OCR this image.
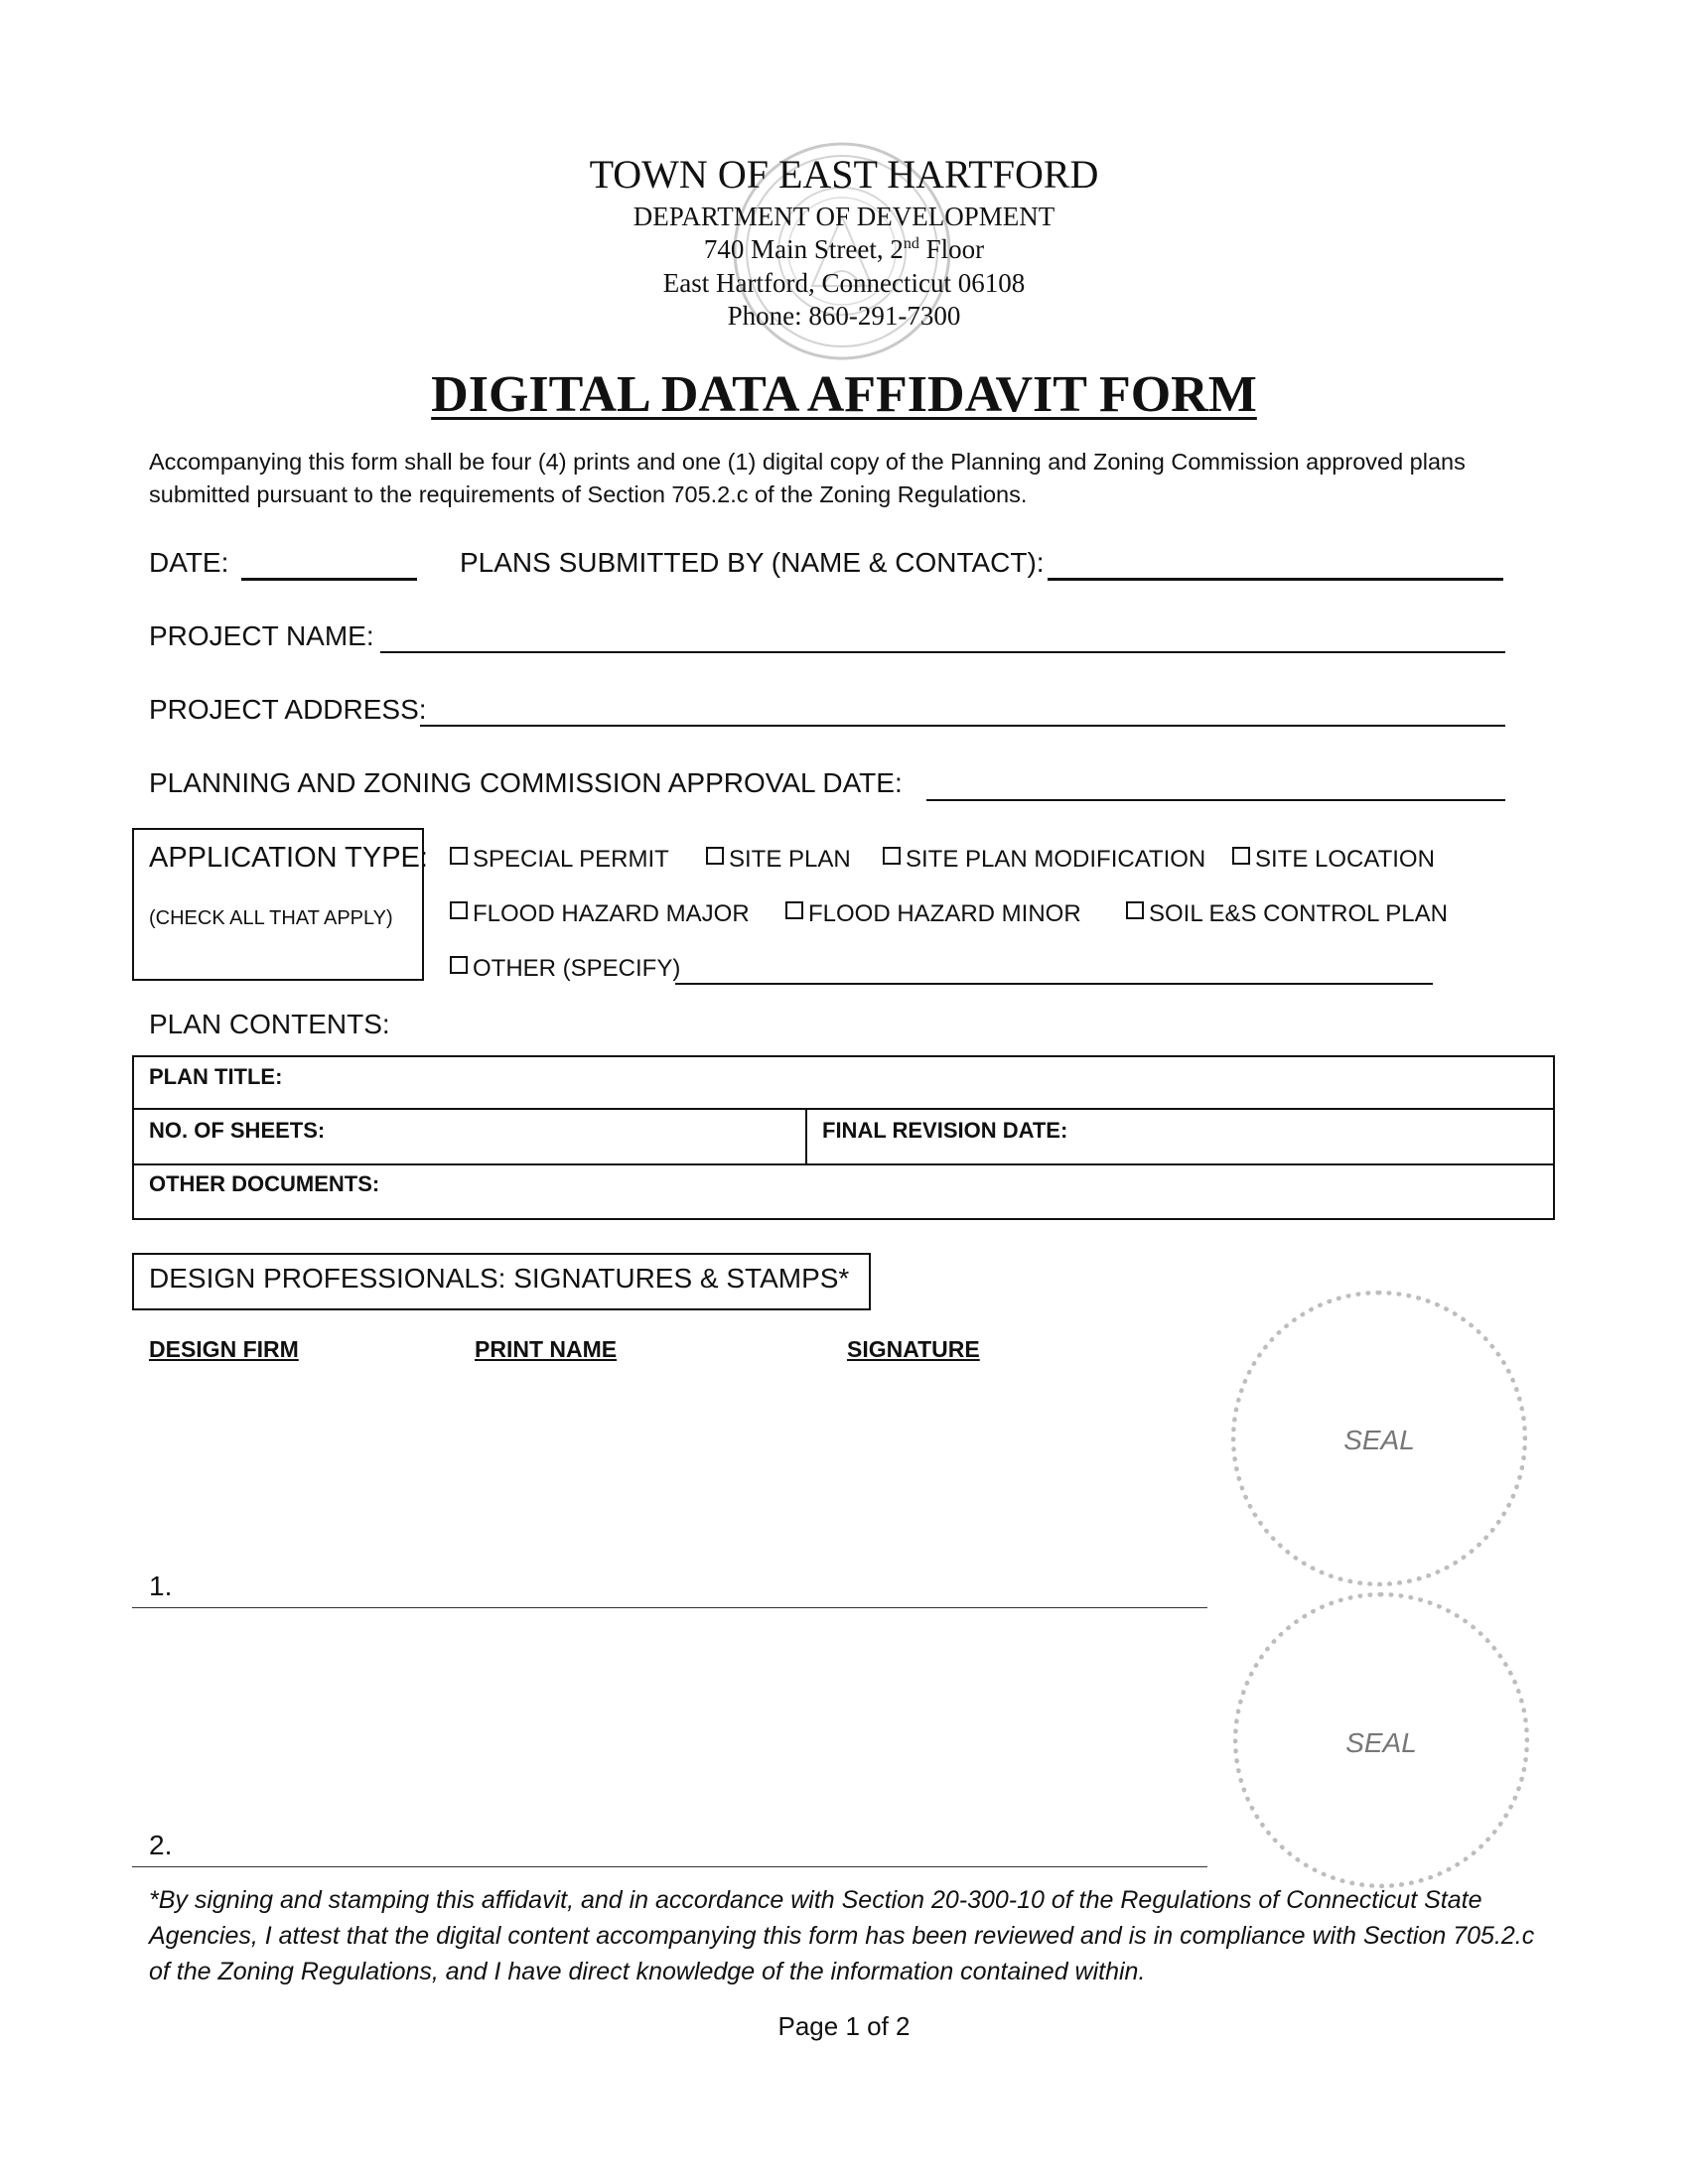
TOWN OF EAST HARTFORD
DEPARTMENT OF DEVELOPMENT
740 Main Street, 2nd Floor
East Hartford, Connecticut 06108
Phone: 860-291-7300
DIGITAL DATA AFFIDAVIT FORM
Accompanying this form shall be four (4) prints and one (1) digital copy of the Planning and Zoning Commission approved plans submitted pursuant to the requirements of Section 705.2.c of the Zoning Regulations.
DATE:	PLANS SUBMITTED BY (NAME & CONTACT):
PROJECT NAME:
PROJECT ADDRESS:
PLANNING AND ZONING COMMISSION APPROVAL DATE:
APPLICATION TYPE:
(CHECK ALL THAT APPLY)
SPECIAL PERMIT	SITE PLAN SITE PLAN MODIFICATION SITE LOCATION
FLOOD HAZARD MAJOR FLOOD HAZARD MINOR	SOIL E&S CONTROL PLAN
OTHER (SPECIFY)
PLAN CONTENTS:
PLAN TITLE:
NO. OF SHEETS:	FINAL REVISION DATE:
OTHER DOCUMENTS:
DESIGN PROFESSIONALS: SIGNATURES & STAMPS*
DESIGN FIRM	PRINT NAME	SIGNATURE
SEAL
SEAL
1.
2.
*By signing and stamping this affidavit, and in accordance with Section 20-300-10 of the Regulations of Connecticut State Agencies, I attest that the digital content accompanying this form has been reviewed and is in compliance with Section 705.2.c of the Zoning Regulations, and I have direct knowledge of the information contained within.
Page 1 of 2
